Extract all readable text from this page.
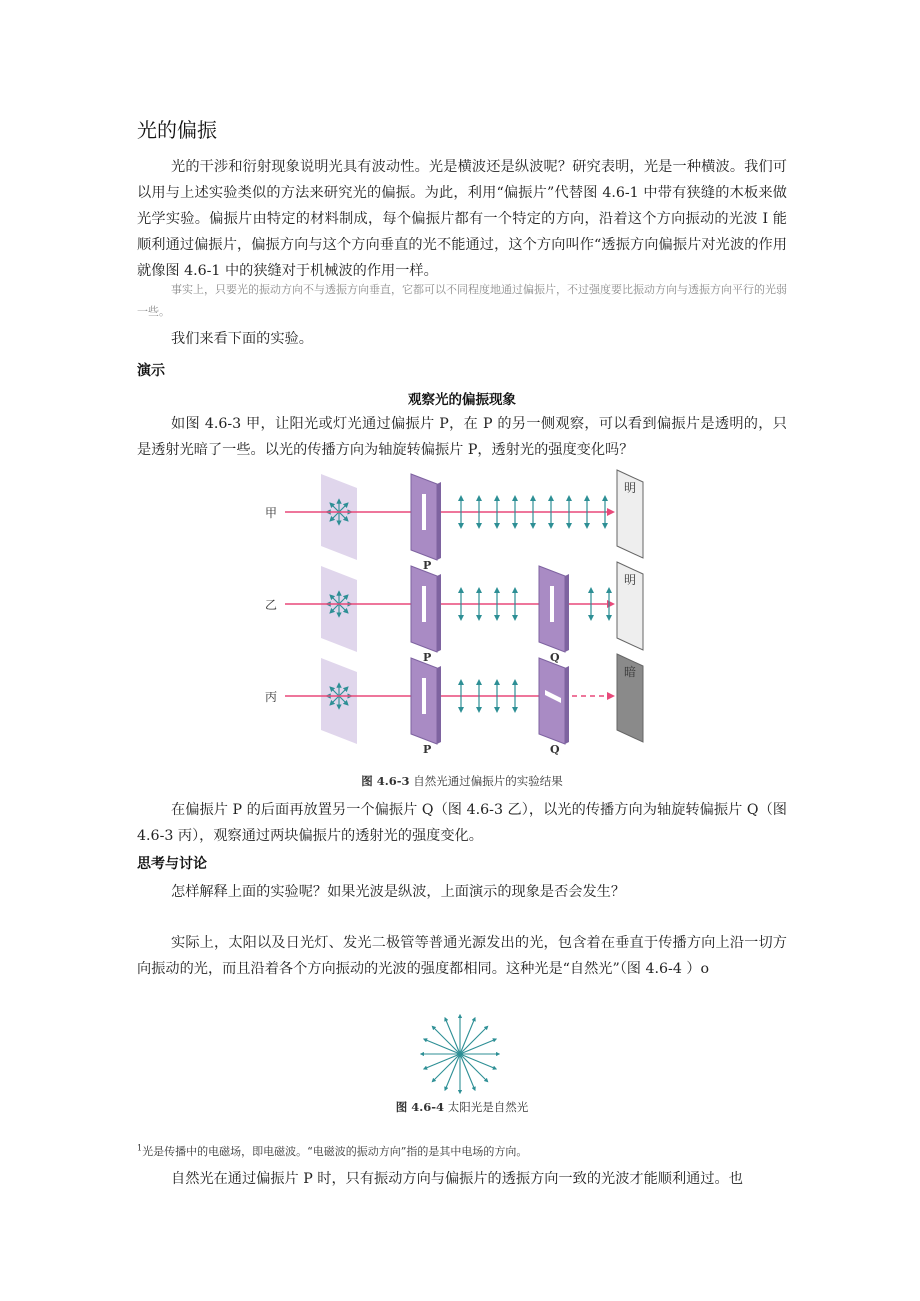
光的偏振

光的干涉和衍射现象说明光具有波动性。光是横波还是纵波呢？研究表明，光是一种横波。我们可以用与上述实验类似的方法来研究光的偏振。为此，利用“偏振片”代替图 4.6-1 中带有狭缝的木板来做光学实验。偏振片由特定的材料制成，每个偏振片都有一个特定的方向，沿着这个方向振动的光波 I 能顺利通过偏振片，偏振方向与这个方向垂直的光不能通过，这个方向叫作“透振方向偏振片对光波的作用就像图 4.6-1 中的狭缝对于机械波的作用一样。

事实上，只要光的振动方向不与透振方向垂直，它都可以不同程度地通过偏振片，不过强度要比振动方向与透振方向平行的光弱一些。

我们来看下面的实验。

演示
观察光的偏振现象

如图 4.6-3 甲，让阳光或灯光通过偏振片 P，在 P 的另一侧观察，可以看到偏振片是透明的，只是透射光暗了一些。以光的传播方向为轴旋转偏振片 P，透射光的强度变化吗？

甲
P
明
乙
P	Q
明
丙
P	Q
暗
图 4.6-3 自然光通过偏振片的实验结果

在偏振片 P 的后面再放置另一个偏振片 Q（图 4.6-3 乙），以光的传播方向为轴旋转偏振片 Q（图 4.6-3 丙），观察通过两块偏振片的透射光的强度变化。

思考与讨论

怎样解释上面的实验呢？如果光波是纵波，上面演示的现象是否会发生？

实际上，太阳以及日光灯、发光二极管等普通光源发出的光，包含着在垂直于传播方向上沿一切方向振动的光，而且沿着各个方向振动的光波的强度都相同。这种光是“自然光”（图 4.6-4 ）o

图 4.6-4 太阳光是自然光
$^1$光是传播中的电磁场，即电磁波。“电磁波的振动方向”指的是其中电场的方向。

自然光在通过偏振片 P 时，只有振动方向与偏振片的透振方向一致的光波才能顺利通过。也
